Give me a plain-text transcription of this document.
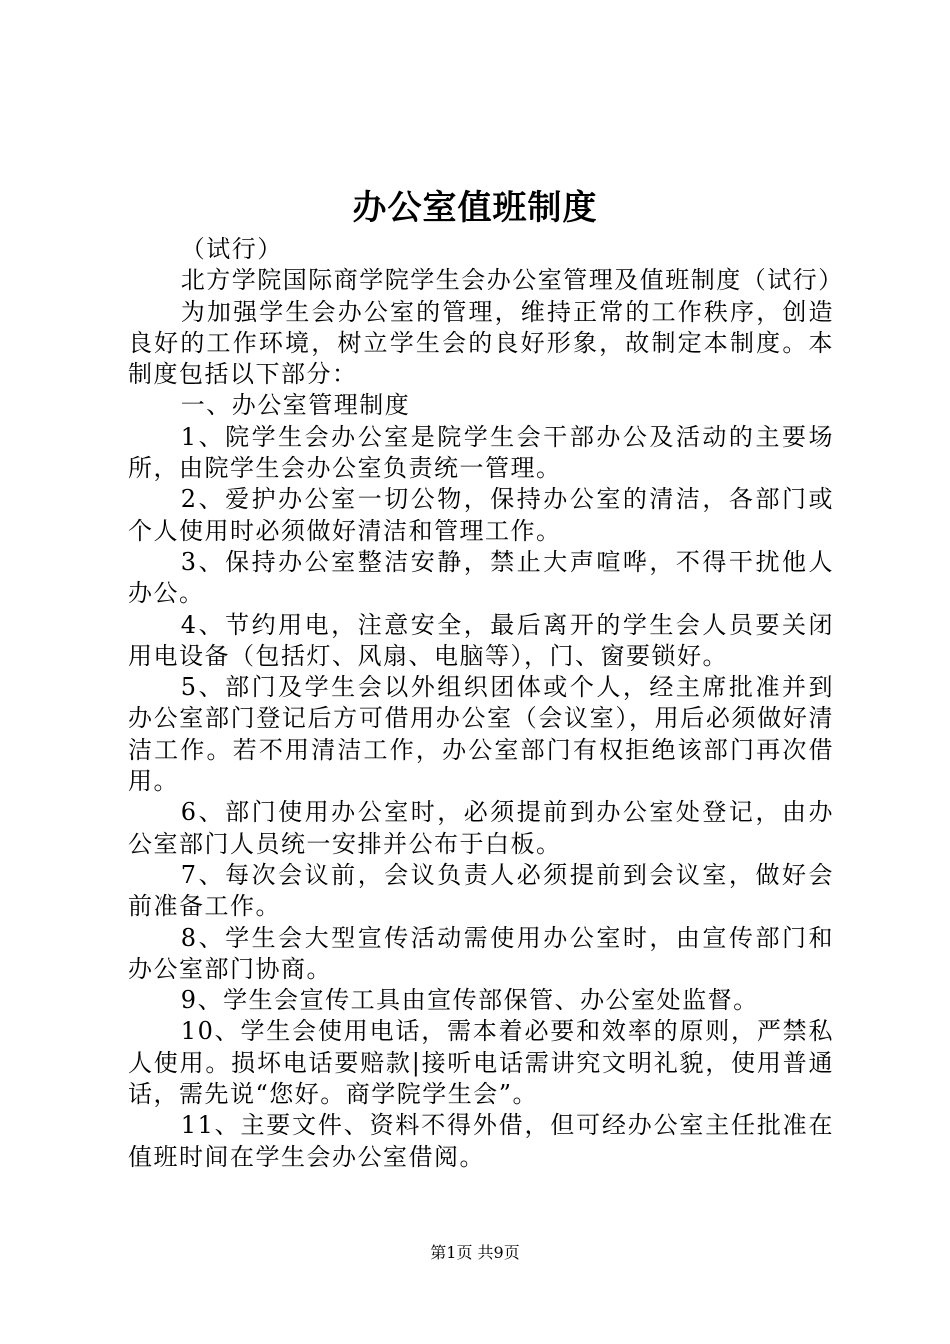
办公室值班制度

（试行）

北方学院国际商学院学生会办公室管理及值班制度（试行）

为加强学生会办公室的管理，维持正常的工作秩序，创造良好的工作环境，树立学生会的良好形象，故制定本制度。本制度包括以下部分：

一、办公室管理制度

1、院学生会办公室是院学生会干部办公及活动的主要场所，由院学生会办公室负责统一管理。

2、爱护办公室一切公物，保持办公室的清洁，各部门或个人使用时必须做好清洁和管理工作。

3、保持办公室整洁安静，禁止大声喧哗，不得干扰他人办公。

4、节约用电，注意安全，最后离开的学生会人员要关闭用电设备（包括灯、风扇、电脑等），门、窗要锁好。

5、部门及学生会以外组织团体或个人，经主席批准并到办公室部门登记后方可借用办公室（会议室），用后必须做好清洁工作。若不用清洁工作，办公室部门有权拒绝该部门再次借用。

6、部门使用办公室时，必须提前到办公室处登记，由办公室部门人员统一安排并公布于白板。

7、每次会议前，会议负责人必须提前到会议室，做好会前准备工作。

8、学生会大型宣传活动需使用办公室时，由宣传部门和办公室部门协商。

9、学生会宣传工具由宣传部保管、办公室处监督。

10、学生会使用电话，需本着必要和效率的原则，严禁私人使用。损坏电话要赔款|接听电话需讲究文明礼貌，使用普通话，需先说“您好。商学院学生会”。

11、主要文件、资料不得外借，但可经办公室主任批准在值班时间在学生会办公室借阅。

第1页 共9页
